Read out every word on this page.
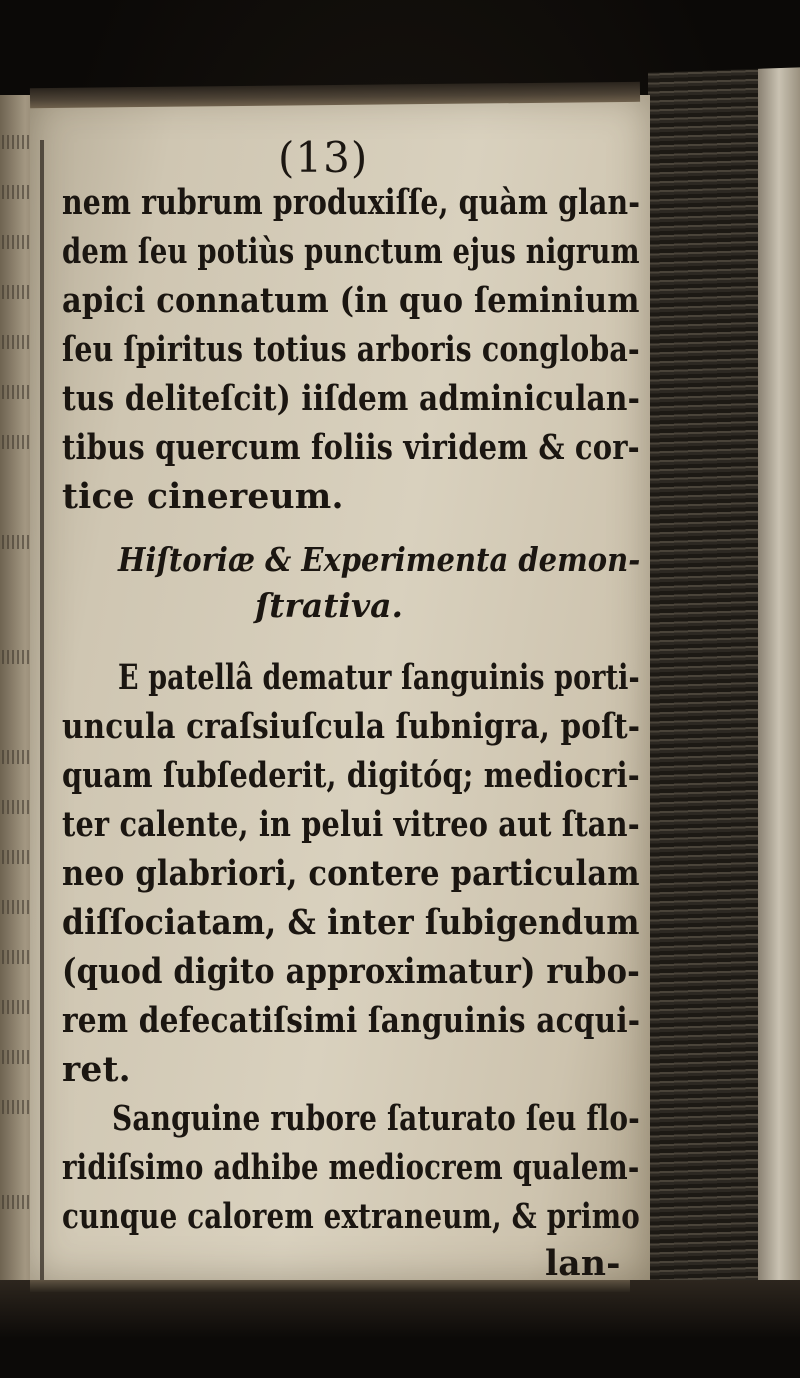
(13)
nem rubrum produxiſſe, quàm glan-
dem ſeu potiùs punctum ejus nigrum
apici connatum (in quo ſeminium
ſeu ſpiritus totius arboris congloba-
tus deliteſcit) iiſdem adminiculan-
tibus quercum foliis viridem & cor-
tice cinereum.
Hiſtoriæ & Experimenta demon-
ſtrativa.
E patellâ dematur ſanguinis porti-
uncula craſsiuſcula ſubnigra, poſt-
quam ſubſederit, digitóq; mediocri-
ter calente, in pelui vitreo aut ſtan-
neo glabriori, contere particulam
diſſociatam, & inter ſubigendum
(quod digito approximatur) rubo-
rem defecatiſsimi ſanguinis acqui-
ret.
Sanguine rubore ſaturato ſeu flo-
ridiſsimo adhibe mediocrem qualem-
cunque calorem extraneum, & primo
lan-
